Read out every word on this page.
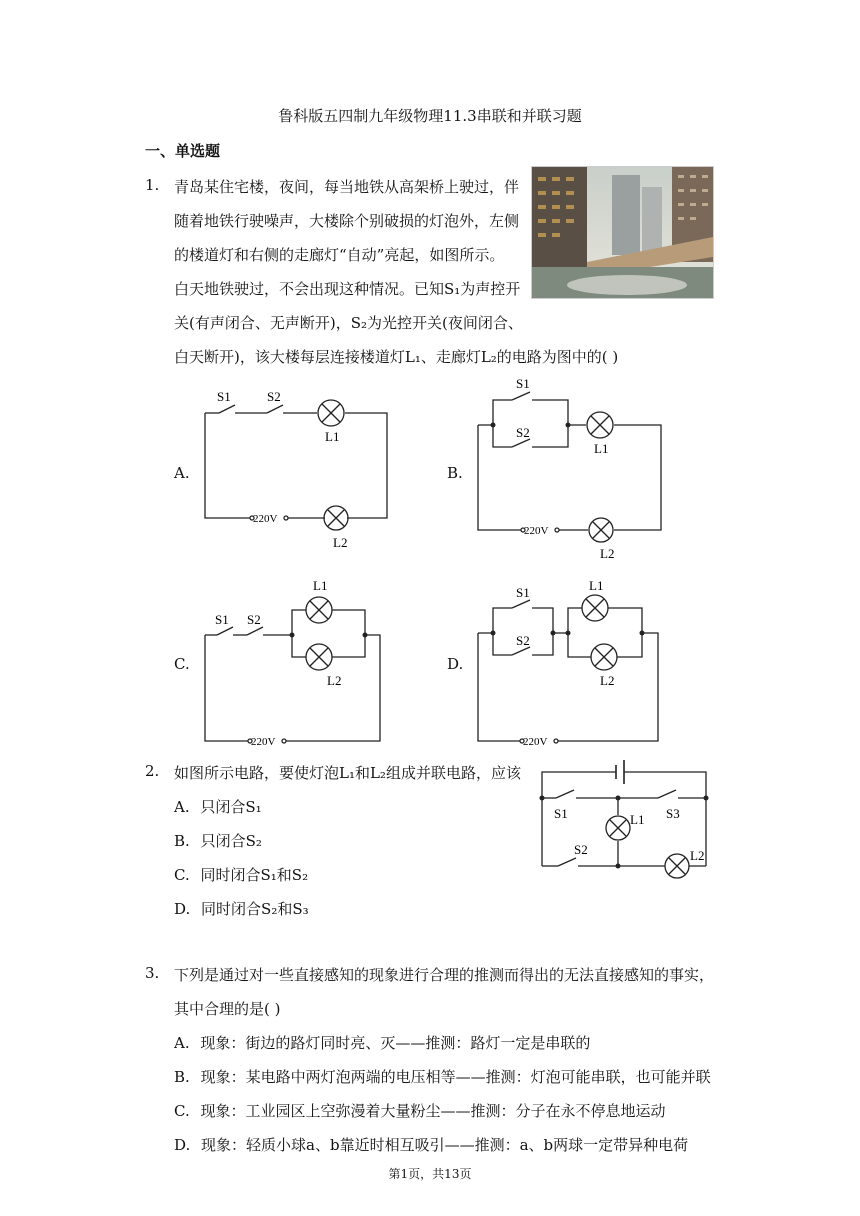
鲁科版五四制九年级物理11.3串联和并联习题
一、单选题
1. 青岛某住宅楼，夜间，每当地铁从高架桥上驶过，伴
随着地铁行驶噪声，大楼除个别破损的灯泡外，左侧
的楼道灯和右侧的走廊灯“自动”亮起，如图所示。
白天地铁驶过，不会出现这种情况。已知S₁为声控开
关(有声闭合、无声断开)，S₂为光控开关(夜间闭合、
白天断开)，该大楼每层连接楼道灯L₁、走廊灯L₂的电路为图中的( )
A.
S1	S2
L1
220V
L2
B.
S1
S2
L1
220V
L2
C.
S1 S2
L1
L2
220V
D.
S1
S2
L1
L2
220V
2. 如图所示电路，要使灯泡L₁和L₂组成并联电路，应该
A. 只闭合S₁
B. 只闭合S₂
C. 同时闭合S₁和S₂
D. 同时闭合S₂和S₃
S1
S2
S3
L1
L2
3. 下列是通过对一些直接感知的现象进行合理的推测而得出的无法直接感知的事实，
其中合理的是( )
A. 现象：街边的路灯同时亮、灭——推测：路灯一定是串联的
B. 现象：某电路中两灯泡两端的电压相等——推测：灯泡可能串联，也可能并联
C. 现象：工业园区上空弥漫着大量粉尘——推测：分子在永不停息地运动
D. 现象：轻质小球a、b靠近时相互吸引——推测：a、b两球一定带异种电荷
第1页，共13页
